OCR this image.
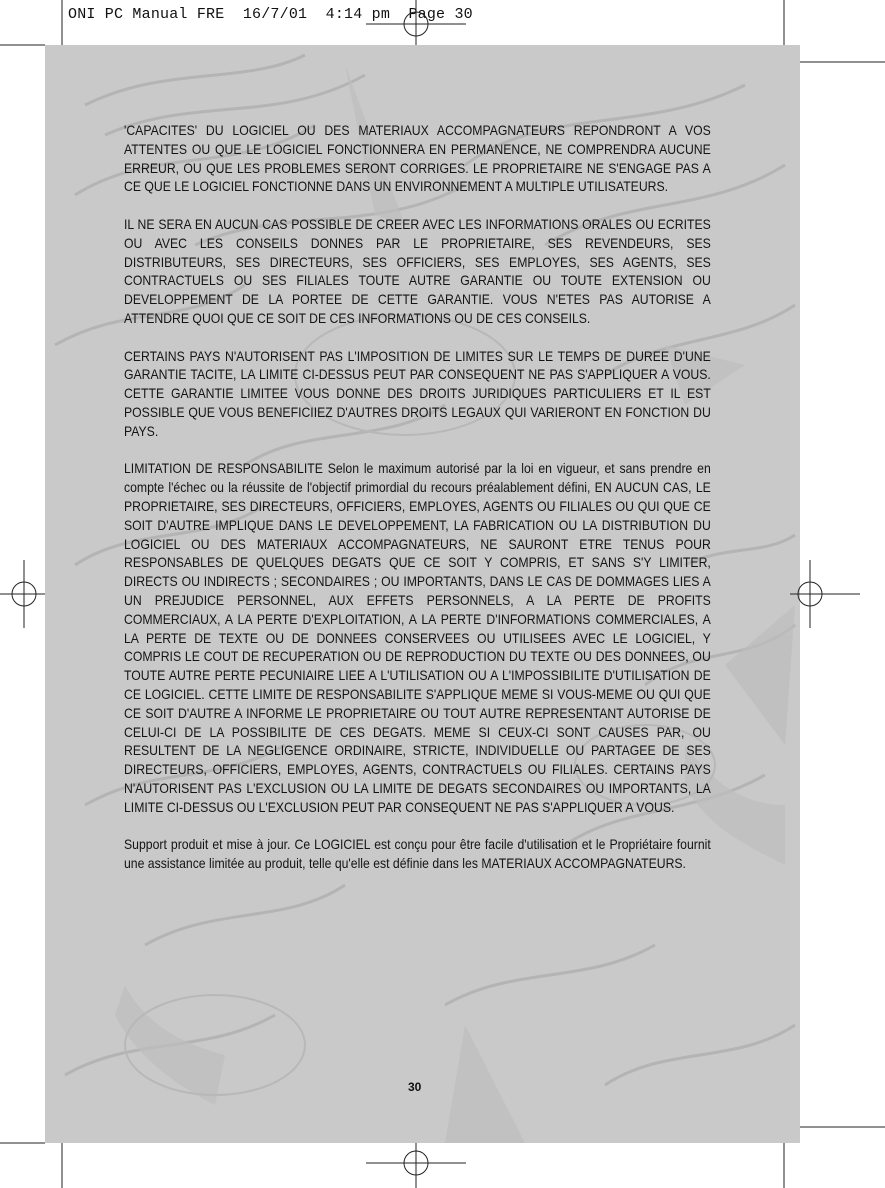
ONI PC Manual FRE  16/7/01  4:14 pm  Page 30

'CAPACITES' DU LOGICIEL OU DES MATERIAUX ACCOMPAGNATEURS REPONDRONT A VOS ATTENTES OU QUE LE LOGICIEL FONCTIONNERA EN PERMANENCE, NE COMPRENDRA AUCUNE ERREUR, OU QUE LES PROBLEMES SERONT CORRIGES. LE PROPRIETAIRE NE S'ENGAGE PAS A CE QUE LE LOGICIEL FONCTIONNE DANS UN ENVIRONNEMENT A MULTIPLE UTILISATEURS.

IL NE SERA EN AUCUN CAS POSSIBLE DE CREER AVEC LES INFORMATIONS ORALES OU ECRITES OU AVEC LES CONSEILS DONNES PAR LE PROPRIETAIRE, SES REVENDEURS, SES DISTRIBUTEURS, SES DIRECTEURS, SES OFFICIERS, SES EMPLOYES, SES AGENTS, SES CONTRACTUELS OU SES FILIALES TOUTE AUTRE GARANTIE OU TOUTE EXTENSION OU DEVELOPPEMENT DE LA PORTEE DE CETTE GARANTIE. VOUS N'ETES PAS AUTORISE A ATTENDRE QUOI QUE CE SOIT DE CES INFORMATIONS OU DE CES CONSEILS.

CERTAINS PAYS N'AUTORISENT PAS L'IMPOSITION DE LIMITES SUR LE TEMPS DE DUREE D'UNE GARANTIE TACITE, LA LIMITE CI-DESSUS PEUT PAR CONSEQUENT NE PAS S'APPLIQUER A VOUS. CETTE GARANTIE LIMITEE VOUS DONNE DES DROITS JURIDIQUES PARTICULIERS ET IL EST POSSIBLE QUE VOUS BENEFICIIEZ D'AUTRES DROITS LEGAUX QUI VARIERONT EN FONCTION DU PAYS.

LIMITATION DE RESPONSABILITE Selon le maximum autorisé par la loi en vigueur, et sans prendre en compte l'échec ou la réussite de l'objectif primordial du recours préalablement défini, EN AUCUN CAS, LE PROPRIETAIRE, SES DIRECTEURS, OFFICIERS, EMPLOYES, AGENTS OU FILIALES OU QUI QUE CE SOIT D'AUTRE IMPLIQUE DANS LE DEVELOPPEMENT, LA FABRICATION OU LA DISTRIBUTION DU LOGICIEL OU DES MATERIAUX ACCOMPAGNATEURS, NE SAURONT ETRE TENUS POUR RESPONSABLES DE QUELQUES DEGATS QUE CE SOIT Y COMPRIS, ET SANS S'Y LIMITER, DIRECTS OU INDIRECTS ; SECONDAIRES ; OU IMPORTANTS, DANS LE CAS DE DOMMAGES LIES A UN PREJUDICE PERSONNEL, AUX EFFETS PERSONNELS, A LA PERTE DE PROFITS COMMERCIAUX, A LA PERTE D'EXPLOITATION, A LA PERTE D'INFORMATIONS COMMERCIALES, A LA PERTE DE TEXTE OU DE DONNEES CONSERVEES OU UTILISEES AVEC LE LOGICIEL, Y COMPRIS LE COUT DE RECUPERATION OU DE REPRODUCTION DU TEXTE OU DES DONNEES, OU TOUTE AUTRE PERTE PECUNIAIRE LIEE A L'UTILISATION OU A L'IMPOSSIBILITE D'UTILISATION DE CE LOGICIEL. CETTE LIMITE DE RESPONSABILITE S'APPLIQUE MEME SI VOUS-MEME OU QUI QUE CE SOIT D'AUTRE A INFORME LE PROPRIETAIRE OU TOUT AUTRE REPRESENTANT AUTORISE DE CELUI-CI DE LA POSSIBILITE DE CES DEGATS. MEME SI CEUX-CI SONT CAUSES PAR, OU RESULTENT DE LA NEGLIGENCE ORDINAIRE, STRICTE, INDIVIDUELLE OU PARTAGEE DE SES DIRECTEURS, OFFICIERS, EMPLOYES, AGENTS, CONTRACTUELS OU FILIALES. CERTAINS PAYS N'AUTORISENT PAS L'EXCLUSION OU LA LIMITE DE DEGATS SECONDAIRES OU IMPORTANTS, LA LIMITE CI-DESSUS OU L'EXCLUSION PEUT PAR CONSEQUENT NE PAS S'APPLIQUER A VOUS.

Support produit et mise à jour. Ce LOGICIEL est conçu pour être facile d'utilisation et le Propriétaire fournit une assistance limitée au produit, telle qu'elle est définie dans les MATERIAUX ACCOMPAGNATEURS.

30
